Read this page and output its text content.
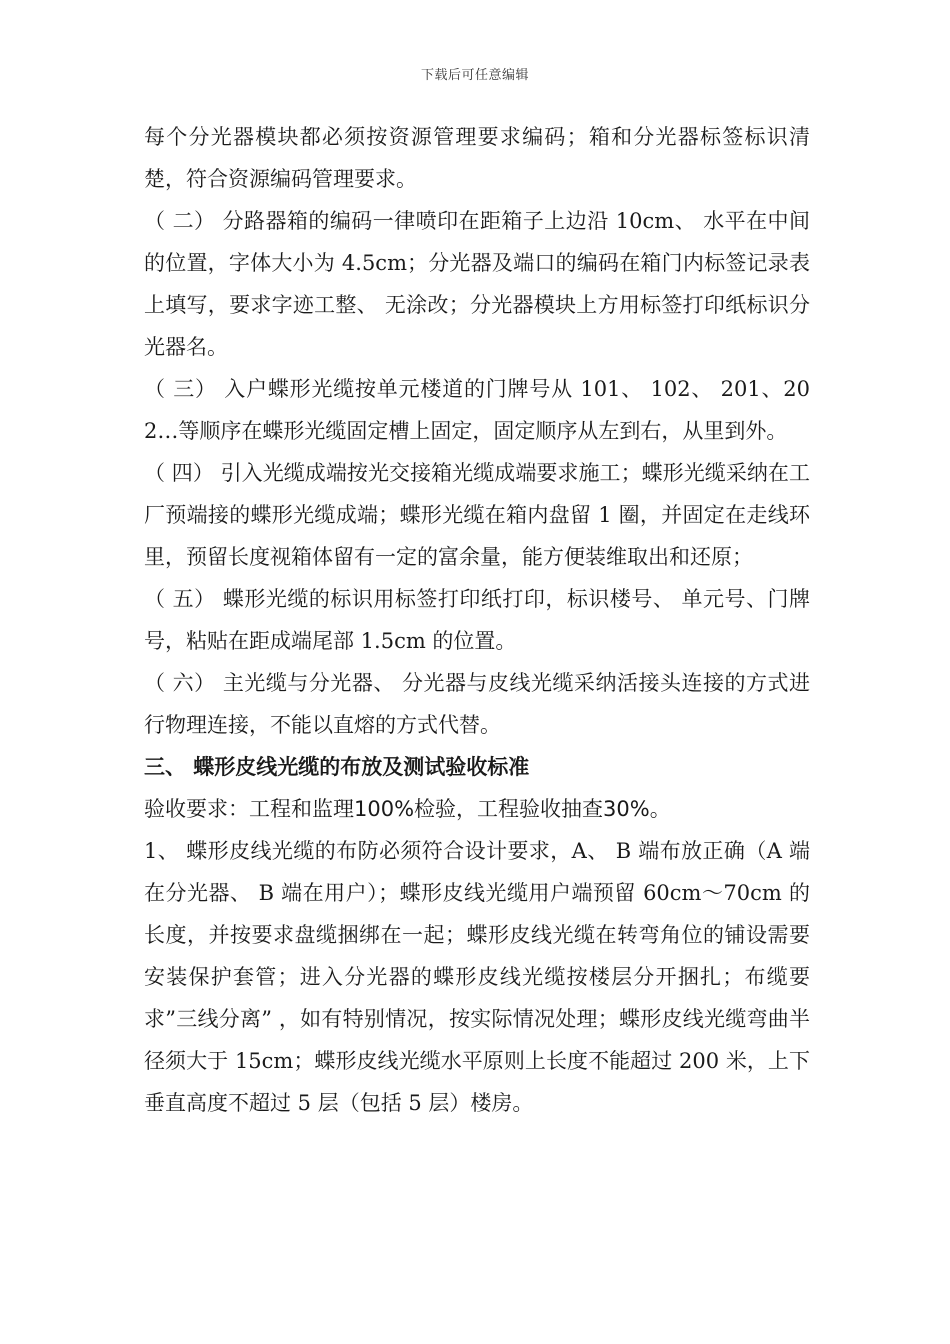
下载后可任意编辑

每个分光器模块都必须按资源管理要求编码；箱和分光器标签标识清楚，符合资源编码管理要求。

（ 二） 分路器箱的编码一律喷印在距箱子上边沿 10cm、 水平在中间的位置，字体大小为 4.5cm；分光器及端口的编码在箱门内标签记录表上填写，要求字迹工整、 无涂改；分光器模块上方用标签打印纸标识分光器名。

（ 三） 入户蝶形光缆按单元楼道的门牌号从 101、 102、 201、202…等顺序在蝶形光缆固定槽上固定，固定顺序从左到右，从里到外。

（ 四） 引入光缆成端按光交接箱光缆成端要求施工；蝶形光缆采纳在工厂预端接的蝶形光缆成端；蝶形光缆在箱内盘留 1 圈，并固定在走线环里，预留长度视箱体留有一定的富余量，能方便装维取出和还原；

（ 五） 蝶形光缆的标识用标签打印纸打印，标识楼号、 单元号、门牌号，粘贴在距成端尾部 1.5cm 的位置。

（ 六） 主光缆与分光器、 分光器与皮线光缆采纳活接头连接的方式进行物理连接，不能以直熔的方式代替。

三、 蝶形皮线光缆的布放及测试验收标准

验收要求：工程和监理100%检验，工程验收抽查30%。

1、 蝶形皮线光缆的布防必须符合设计要求，A、 B 端布放正确（A 端在分光器、 B 端在用户）；蝶形皮线光缆用户端预留 60cm～70cm 的长度，并按要求盘缆捆绑在一起；蝶形皮线光缆在转弯角位的铺设需要安装保护套管；进入分光器的蝶形皮线光缆按楼层分开捆扎；布缆要求”三线分离” ，如有特别情况，按实际情况处理；蝶形皮线光缆弯曲半径须大于 15cm；蝶形皮线光缆水平原则上长度不能超过 200 米，上下垂直高度不超过 5 层（包括 5 层）楼房。
